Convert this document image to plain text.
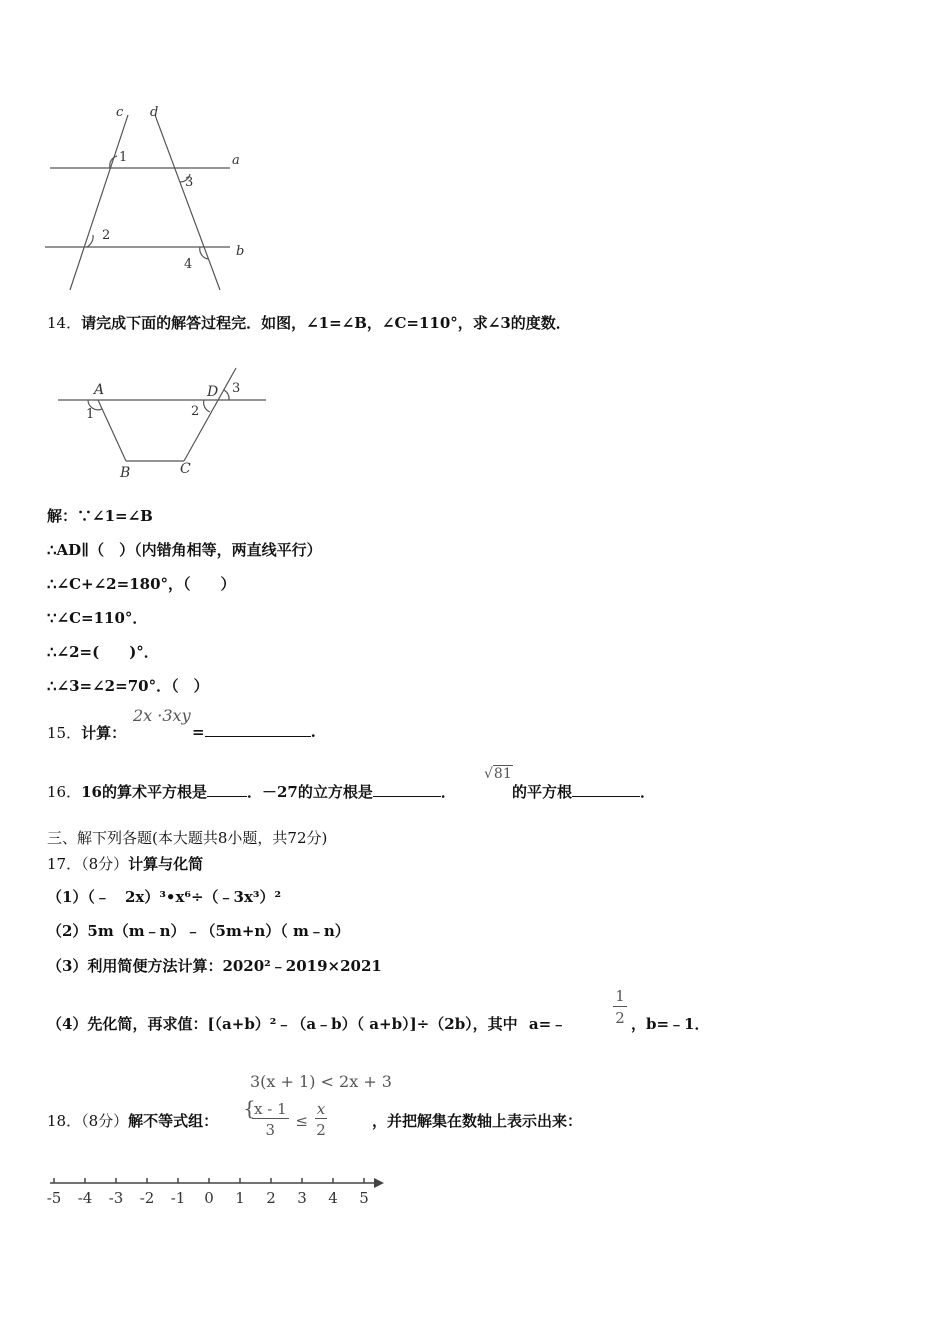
c d
a
b
1
3
2
4
14．请完成下面的解答过程完．如图，∠1=∠B，∠C=110°，求∠3的度数．
A	D
B	C
1	2
3
解：∵∠1=∠B
∴AD∥（　）（内错角相等，两直线平行）
∴∠C+∠2=180°，（　　）
∵∠C=110°．
∴∠2=(　　)°．
∴∠3=∠2=70°．（　）
15．计算：
2x ·3xy
=	.
16．16的算术平方根是	．－27的立方根是	．
√81
的平方根	．
三、解下列各题(本大题共8小题，共72分)
17．（8分）计算与化简
（1）（﹣　2x）³•x⁶÷（﹣3x³）²
（2）5m（m﹣n）﹣（5m+n）（ m﹣n）
（3）利用简便方法计算：2020²﹣2019×2021
（4）先化简，再求值：[（a+b）²﹣（a﹣b）（ a+b）]÷（2b），其中 a=﹣	$\frac{1}{2}$ ，b=﹣1．
18．（8分）解不等式组：
3(x + 1) < 2x + 3
{
$\frac{x - 1}{3} \le \frac{x}{2}$	，并把解集在数轴上表示出来：
-5 -4 -3 -2 -1 0 1 2 3 4 5
